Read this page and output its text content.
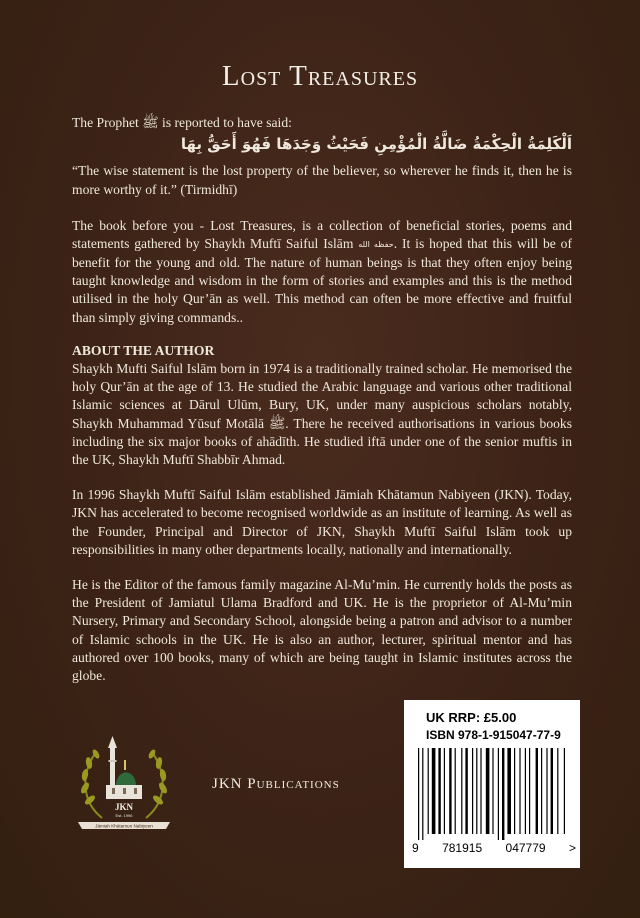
Lost Treasures

The Prophet ﷺ is reported to have said:

اَلْكَلِمَةُ الْحِكْمَةُ ضَالَّةُ الْمُؤْمِنِ فَحَيْثُ وَجَدَهَا فَهُوَ أَحَقُّ بِهَا

“The wise statement is the lost property of the believer, so wherever he finds it, then he is more worthy of it.” (Tirmidhī)

The book before you - Lost Treasures, is a collection of beneficial stories, poems and statements gathered by Shaykh Muftī Saiful Islām حفظه الله. It is hoped that this will be of benefit for the young and old. The nature of human beings is that they often enjoy being taught knowledge and wisdom in the form of stories and examples and this is the method utilised in the holy Qur’ān as well. This method can often be more effective and fruitful than simply giving commands..

ABOUT THE AUTHOR

Shaykh Mufti Saiful Islām born in 1974 is a traditionally trained scholar. He memorised the holy Qur’ān at the age of 13. He studied the Arabic language and various other traditional Islamic sciences at Dārul Ulūm, Bury, UK, under many auspicious scholars notably, Shaykh Muhammad Yūsuf Motālā ﷺ. There he received authorisations in various books including the six major books of ahādīth. He studied iftā under one of the senior muftis in the UK, Shaykh Muftī Shabbīr Ahmad.

In 1996 Shaykh Muftī Saiful Islām established Jāmiah Khātamun Nabiyeen (JKN). Today, JKN has accelerated to become recognised worldwide as an institute of learning. As well as the Founder, Principal and Director of JKN, Shaykh Muftī Saiful Islām took up responsibilities in many other departments locally, nationally and internationally.

He is the Editor of the famous family magazine Al-Mu’min. He currently holds the posts as the President of Jamiatul Ulama Bradford and UK. He is the proprietor of Al-Mu’min Nursery, Primary and Secondary School, alongside being a patron and advisor to a number of Islamic schools in the UK. He is also an author, lecturer, spiritual mentor and has authored over 100 books, many of which are being taught in Islamic institutes across the globe.

JKN
Est. 1996
Jāmiah Khātamun Nabiyeen
JKN Publications
UK RRP: £5.00
ISBN 978-1-915047-77-9
9 781915 047779 >
